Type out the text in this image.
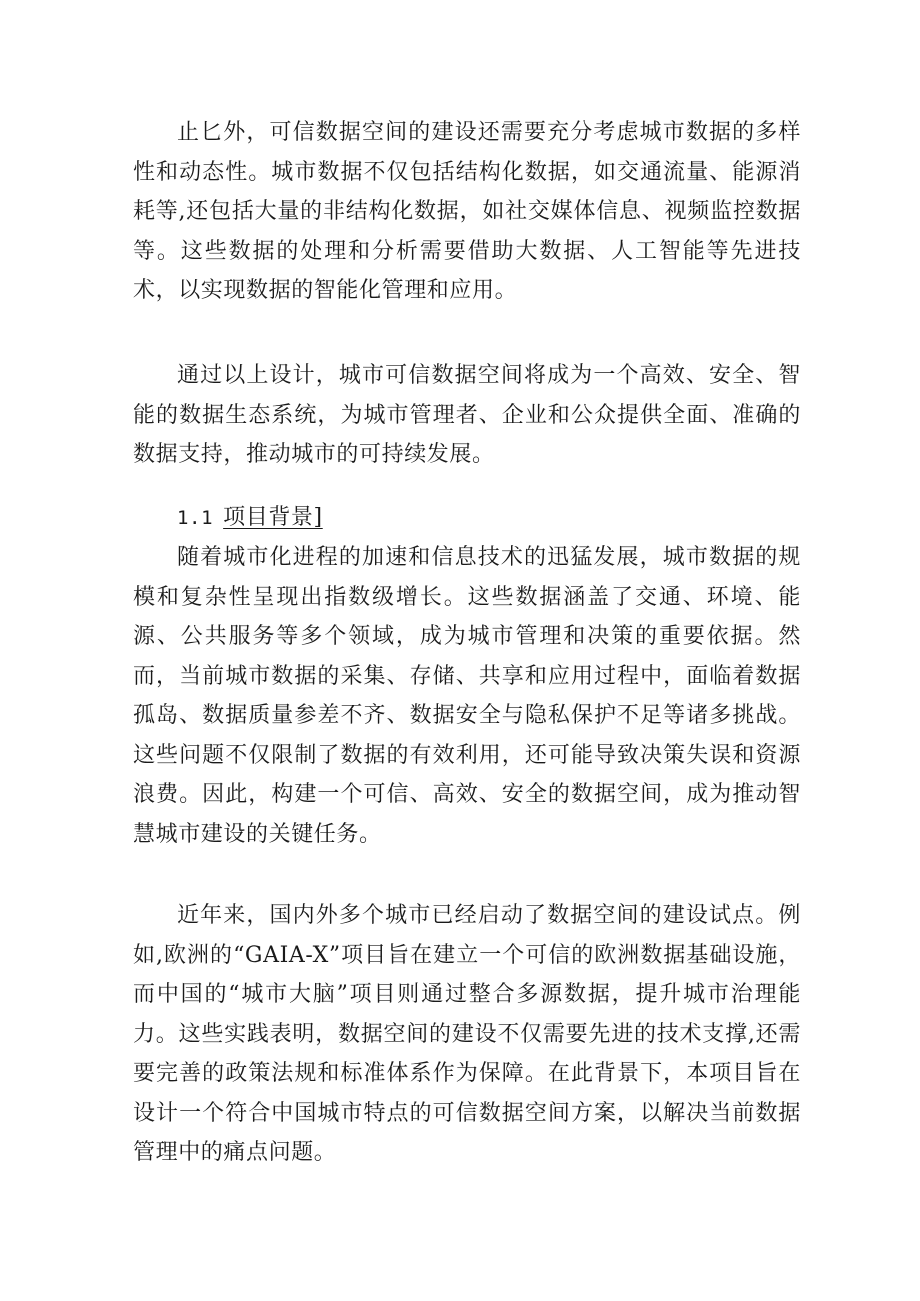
止匕外，可信数据空间的建设还需要充分考虑城市数据的多样性和动态性。城市数据不仅包括结构化数据，如交通流量、能源消耗等,还包括大量的非结构化数据，如社交媒体信息、视频监控数据等。这些数据的处理和分析需要借助大数据、人工智能等先进技术，以实现数据的智能化管理和应用。

通过以上设计，城市可信数据空间将成为一个高效、安全、智能的数据生态系统，为城市管理者、企业和公众提供全面、准确的数据支持，推动城市的可持续发展。

1.1 项目背景]

随着城市化进程的加速和信息技术的迅猛发展，城市数据的规模和复杂性呈现出指数级增长。这些数据涵盖了交通、环境、能源、公共服务等多个领域，成为城市管理和决策的重要依据。然而，当前城市数据的采集、存储、共享和应用过程中，面临着数据孤岛、数据质量参差不齐、数据安全与隐私保护不足等诸多挑战。这些问题不仅限制了数据的有效利用，还可能导致决策失误和资源浪费。因此，构建一个可信、高效、安全的数据空间，成为推动智慧城市建设的关键任务。

近年来，国内外多个城市已经启动了数据空间的建设试点。例如,欧洲的“GAIA-X”项目旨在建立一个可信的欧洲数据基础设施，而中国的“城市大脑”项目则通过整合多源数据，提升城市治理能力。这些实践表明，数据空间的建设不仅需要先进的技术支撑,还需要完善的政策法规和标准体系作为保障。在此背景下，本项目旨在设计一个符合中国城市特点的可信数据空间方案，以解决当前数据管理中的痛点问题。
